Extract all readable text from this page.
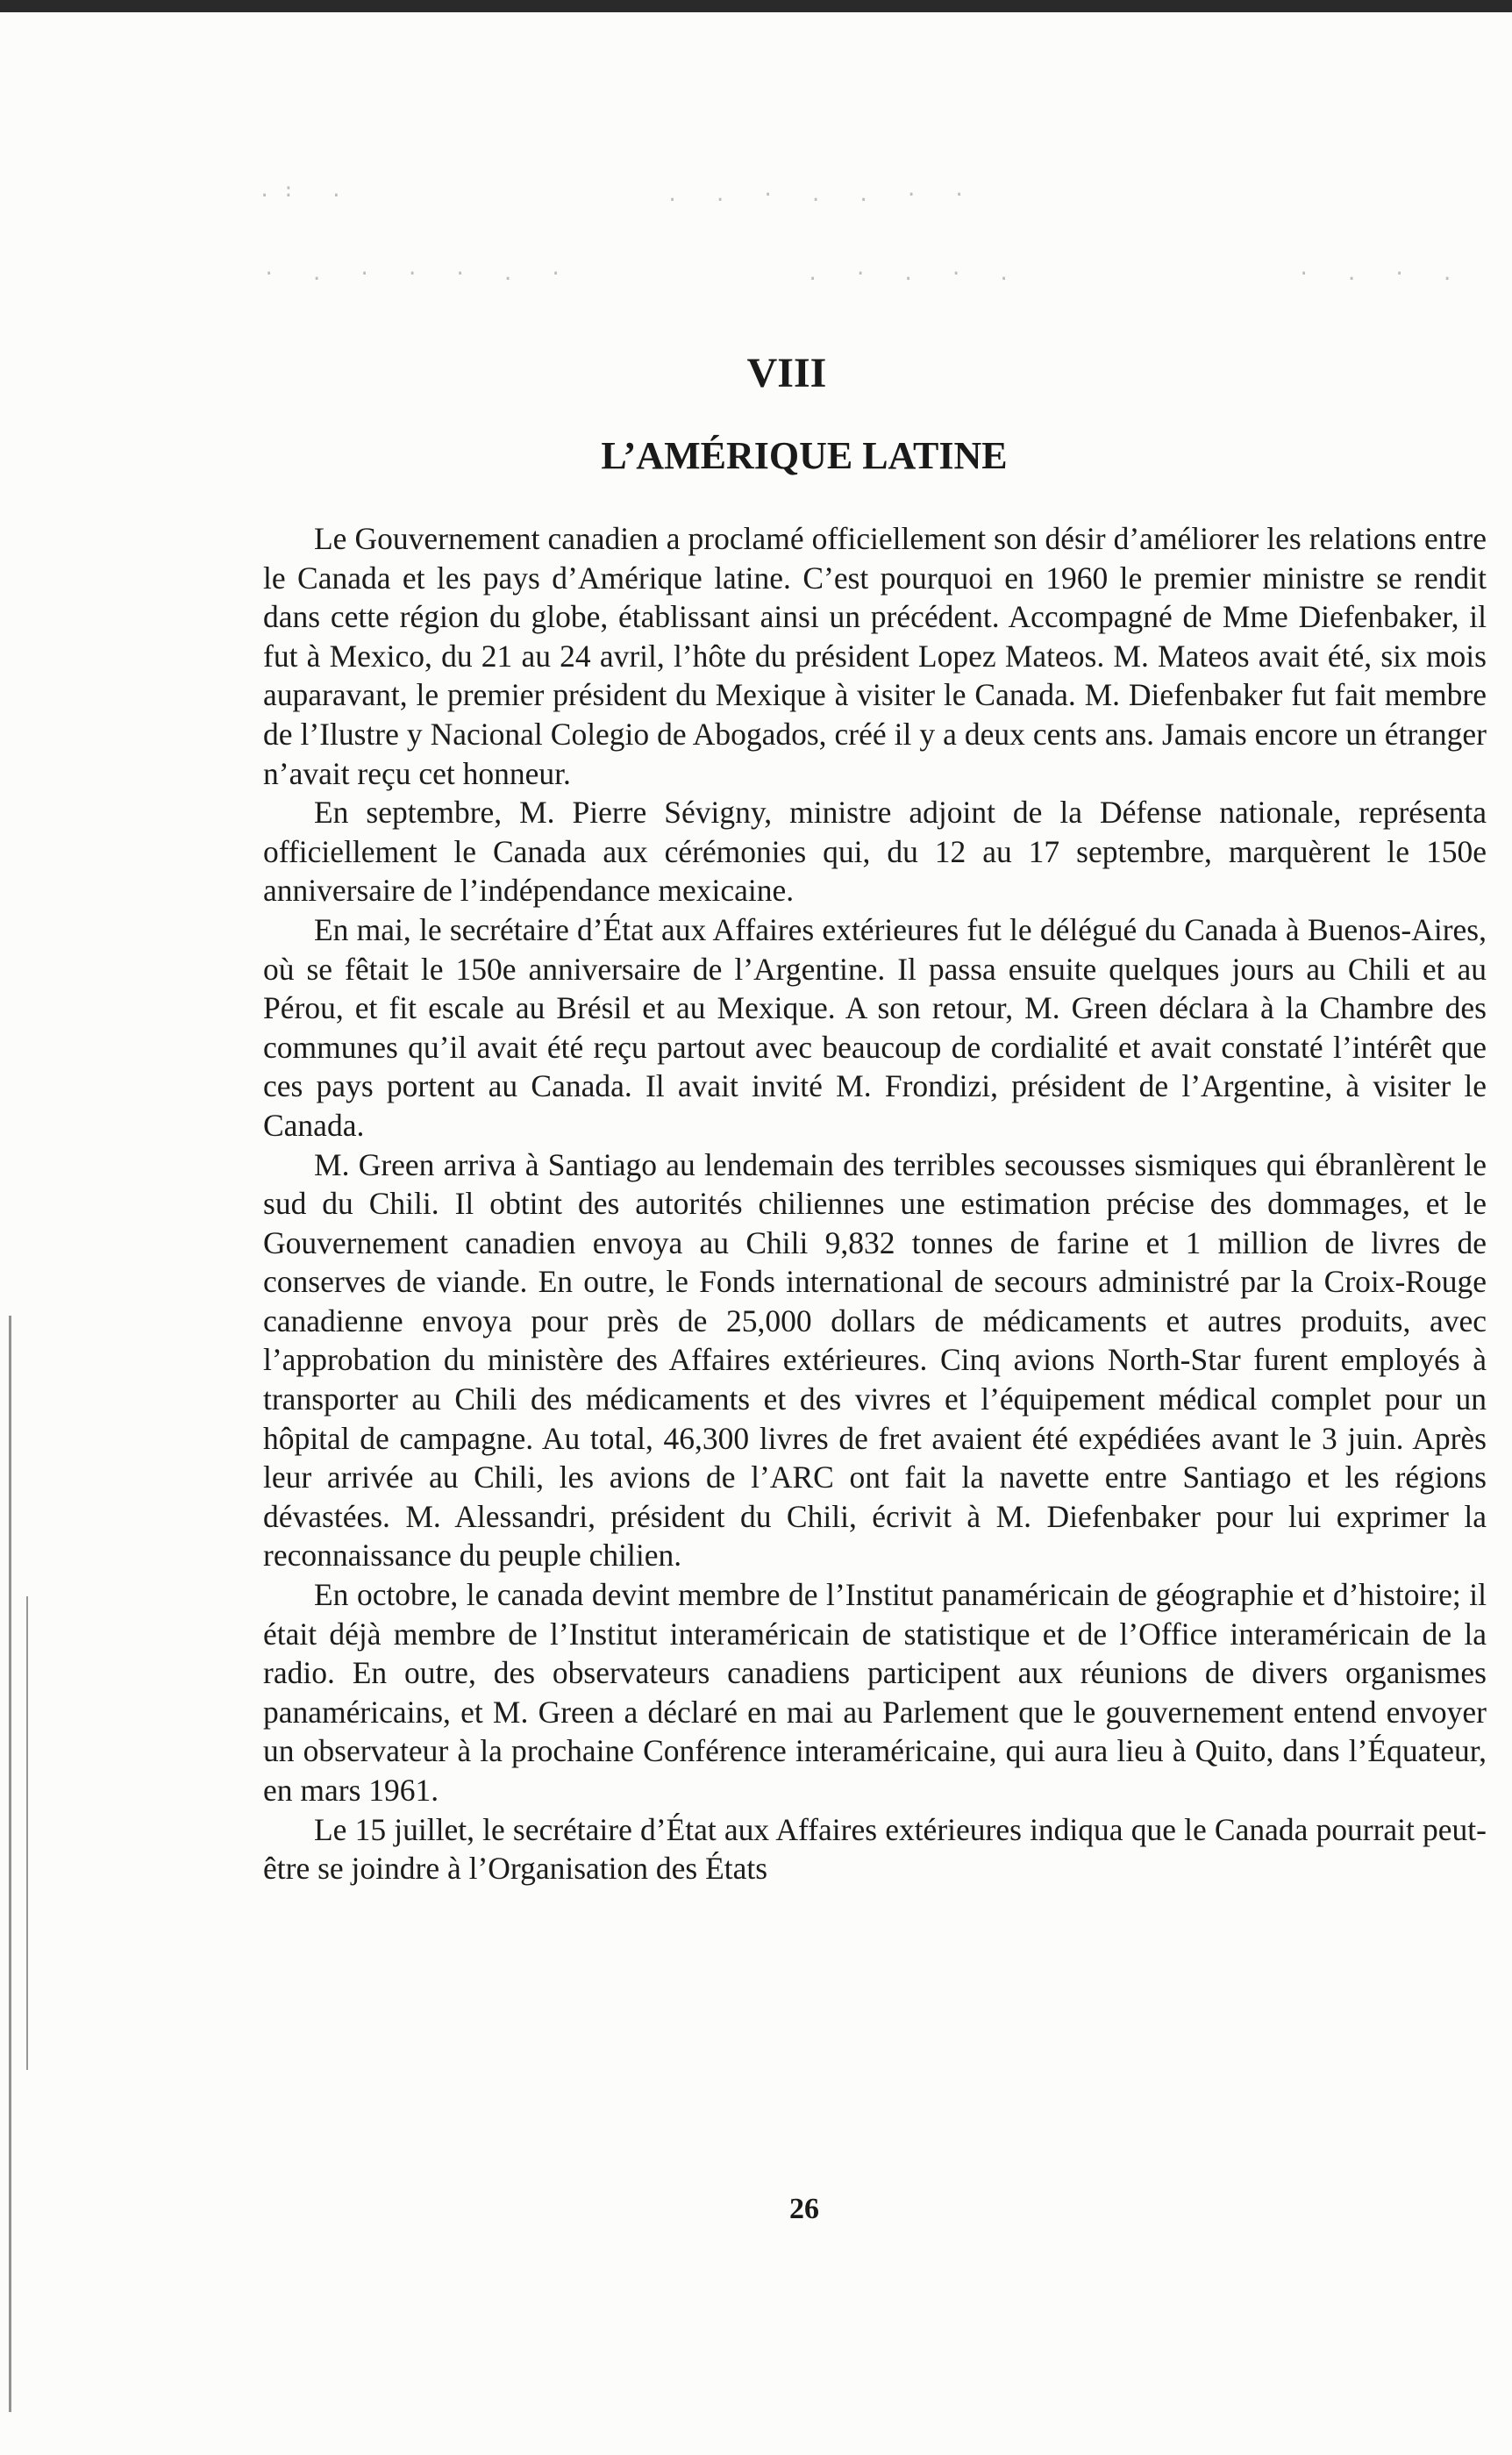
.: .	. . · . . · ·
· . · · · . ·	. · . · .	· . · .
VIII
L’AMÉRIQUE LATINE

Le Gouvernement canadien a proclamé officiellement son désir d’améliorer les relations entre le Canada et les pays d’Amérique latine. C’est pourquoi en 1960 le premier ministre se rendit dans cette région du globe, établissant ainsi un précédent. Accompagné de Mme Diefenbaker, il fut à Mexico, du 21 au 24 avril, l’hôte du président Lopez Mateos. M. Mateos avait été, six mois auparavant, le premier président du Mexique à visiter le Canada. M. Diefenbaker fut fait membre de l’Ilustre y Nacional Colegio de Abogados, créé il y a deux cents ans. Jamais encore un étranger n’avait reçu cet honneur.

En septembre, M. Pierre Sévigny, ministre adjoint de la Défense nationale, représenta officiellement le Canada aux cérémonies qui, du 12 au 17 septembre, marquèrent le 150e anniversaire de l’indépendance mexicaine.

En mai, le secrétaire d’État aux Affaires extérieures fut le délégué du Canada à Buenos-Aires, où se fêtait le 150e anniversaire de l’Argentine. Il passa ensuite quelques jours au Chili et au Pérou, et fit escale au Brésil et au Mexique. A son retour, M. Green déclara à la Chambre des communes qu’il avait été reçu partout avec beaucoup de cordialité et avait constaté l’intérêt que ces pays portent au Canada. Il avait invité M. Frondizi, président de l’Argentine, à visiter le Canada.

M. Green arriva à Santiago au lendemain des terribles secousses sismiques qui ébranlèrent le sud du Chili. Il obtint des autorités chiliennes une estimation précise des dommages, et le Gouvernement canadien envoya au Chili 9,832 tonnes de farine et 1 million de livres de conserves de viande. En outre, le Fonds international de secours administré par la Croix-Rouge canadienne envoya pour près de 25,000 dollars de médicaments et autres produits, avec l’approbation du ministère des Affaires extérieures. Cinq avions North-Star furent employés à transporter au Chili des médicaments et des vivres et l’équipement médical complet pour un hôpital de campagne. Au total, 46,300 livres de fret avaient été expédiées avant le 3 juin. Après leur arrivée au Chili, les avions de l’ARC ont fait la navette entre Santiago et les régions dévastées. M. Alessandri, président du Chili, écrivit à M. Diefenbaker pour lui exprimer la reconnaissance du peuple chilien.

En octobre, le canada devint membre de l’Institut panaméricain de géographie et d’histoire; il était déjà membre de l’Institut interaméricain de statistique et de l’Office interaméricain de la radio. En outre, des observateurs canadiens participent aux réunions de divers organismes panaméricains, et M. Green a déclaré en mai au Parlement que le gouvernement entend envoyer un observateur à la prochaine Conférence interaméricaine, qui aura lieu à Quito, dans l’Équateur, en mars 1961.

Le 15 juillet, le secrétaire d’État aux Affaires extérieures indiqua que le Canada pourrait peut-être se joindre à l’Organisation des États

26
